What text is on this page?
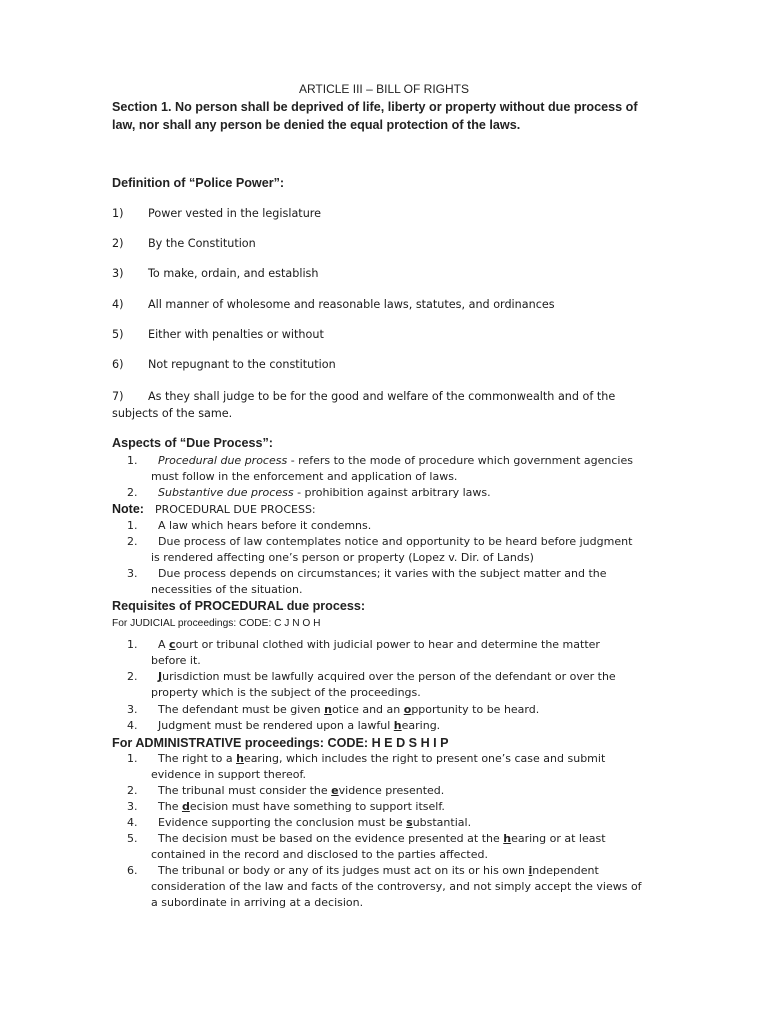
ARTICLE III – BILL OF RIGHTS
Section 1. No person shall be deprived of life, liberty or property without due process of law, nor shall any person be denied the equal protection of the laws.
Definition of “Police Power”:
1) Power vested in the legislature
2) By the Constitution
3) To make, ordain, and establish
4) All manner of wholesome and reasonable laws, statutes, and ordinances
5) Either with penalties or without
6) Not repugnant to the constitution
7) As they shall judge to be for the good and welfare of the commonwealth and of the subjects of the same.
Aspects of “Due Process”:
1. Procedural due process - refers to the mode of procedure which government agencies
must follow in the enforcement and application of laws.
2. Substantive due process - prohibition against arbitrary laws.
Note: PROCEDURAL DUE PROCESS:
1. A law which hears before it condemns.
2. Due process of law contemplates notice and opportunity to be heard before judgment
is rendered affecting one’s person or property (Lopez v. Dir. of Lands)
3. Due process depends on circumstances; it varies with the subject matter and the
necessities of the situation.
Requisites of PROCEDURAL due process:
For JUDICIAL proceedings: CODE: C J N O H
1. A court or tribunal clothed with judicial power to hear and determine the matter
before it.
2. Jurisdiction must be lawfully acquired over the person of the defendant or over the
property which is the subject of the proceedings.
3. The defendant must be given notice and an opportunity to be heard.
4. Judgment must be rendered upon a lawful hearing.
For ADMINISTRATIVE proceedings: CODE: H E D S H I P
1. The right to a hearing, which includes the right to present one’s case and submit
evidence in support thereof.
2. The tribunal must consider the evidence presented.
3. The decision must have something to support itself.
4. Evidence supporting the conclusion must be substantial.
5. The decision must be based on the evidence presented at the hearing or at least
contained in the record and disclosed to the parties affected.
6. The tribunal or body or any of its judges must act on its or his own independent
consideration of the law and facts of the controversy, and not simply accept the views of
a subordinate in arriving at a decision.
